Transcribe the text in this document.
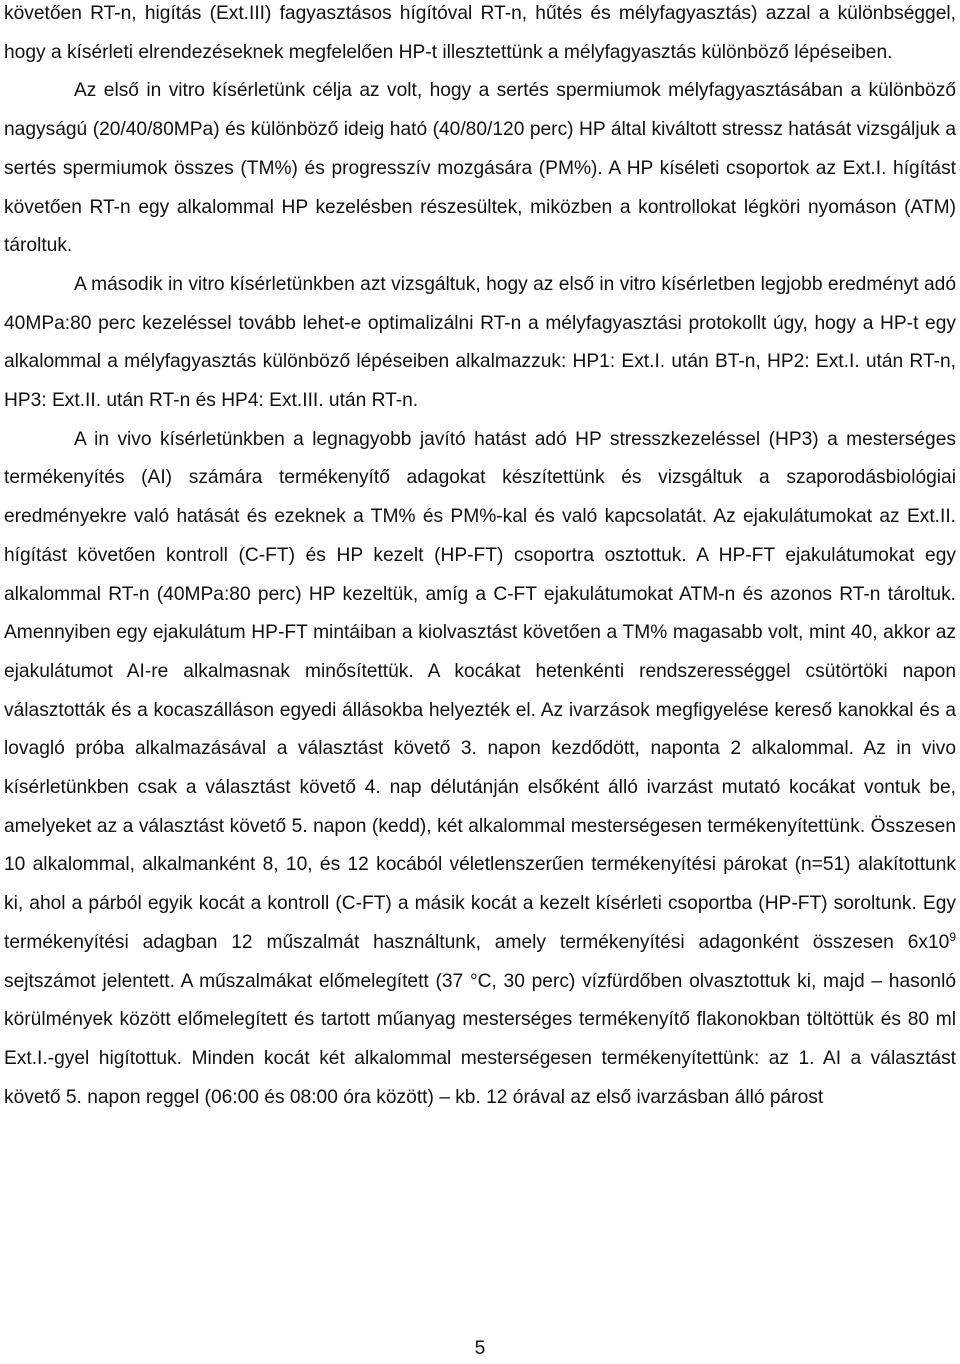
követően RT-n, higítás (Ext.III) fagyasztásos hígítóval RT-n, hűtés és mélyfagyasztás) azzal a különbséggel, hogy a kísérleti elrendezéseknek megfelelően HP-t illesztettünk a mélyfagyasztás különböző lépéseiben.

Az első in vitro kísérletünk célja az volt, hogy a sertés spermiumok mélyfagyasztásában a különböző nagyságú (20/40/80MPa) és különböző ideig ható (40/80/120 perc) HP által kiváltott stressz hatását vizsgáljuk a sertés spermiumok összes (TM%) és progresszív mozgására (PM%). A HP kíséleti csoportok az Ext.I. hígítást követően RT-n egy alkalommal HP kezelésben részesültek, miközben a kontrollokat légköri nyomáson (ATM) tároltuk.

A második in vitro kísérletünkben azt vizsgáltuk, hogy az első in vitro kísérletben legjobb eredményt adó 40MPa:80 perc kezeléssel tovább lehet-e optimalizálni RT-n a mélyfagyasztási protokollt úgy, hogy a HP-t egy alkalommal a mélyfagyasztás különböző lépéseiben alkalmazzuk: HP1: Ext.I. után BT-n, HP2: Ext.I. után RT-n, HP3: Ext.II. után RT-n és HP4: Ext.III. után RT-n.

A in vivo kísérletünkben a legnagyobb javító hatást adó HP stresszkezeléssel (HP3) a mesterséges termékenyítés (AI) számára termékenyítő adagokat készítettünk és vizsgáltuk a szaporodásbiológiai eredményekre való hatását és ezeknek a TM% és PM%-kal és való kapcsolatát. Az ejakulátumokat az Ext.II. hígítást követően kontroll (C-FT) és HP kezelt (HP-FT) csoportra osztottuk. A HP-FT ejakulátumokat egy alkalommal RT-n (40MPa:80 perc) HP kezeltük, amíg a C-FT ejakulátumokat ATM-n és azonos RT-n tároltuk. Amennyiben egy ejakulátum HP-FT mintáiban a kiolvasztást követően a TM% magasabb volt, mint 40, akkor az ejakulátumot AI-re alkalmasnak minősítettük. A kocákat hetenkénti rendszerességgel csütörtöki napon választották és a kocaszálláson egyedi állásokba helyezték el. Az ivarzások megfigyelése kereső kanokkal és a lovagló próba alkalmazásával a választást követő 3. napon kezdődött, naponta 2 alkalommal. Az in vivo kísérletünkben csak a választást követő 4. nap délutánján elsőként álló ivarzást mutató kocákat vontuk be, amelyeket az a választást követő 5. napon (kedd), két alkalommal mesterségesen termékenyítettünk. Összesen 10 alkalommal, alkalmanként 8, 10, és 12 kocából véletlenszerűen termékenyítési párokat (n=51) alakítottunk ki, ahol a párból egyik kocát a kontroll (C-FT) a másik kocát a kezelt kísérleti csoportba (HP-FT) soroltunk. Egy termékenyítési adagban 12 műszalmát használtunk, amely termékenyítési adagonként összesen $6x10^9$ sejtszámot jelentett. A műszalmákat előmelegített (37 °C, 30 perc) vízfürdőben olvasztottuk ki, majd – hasonló körülmények között előmelegített és tartott műanyag mesterséges termékenyítő flakonokban töltöttük és 80 ml Ext.I.-gyel higítottuk. Minden kocát két alkalommal mesterségesen termékenyítettünk: az 1. AI a választást követő 5. napon reggel (06:00 és 08:00 óra között) – kb. 12 órával az első ivarzásban álló párost

5
